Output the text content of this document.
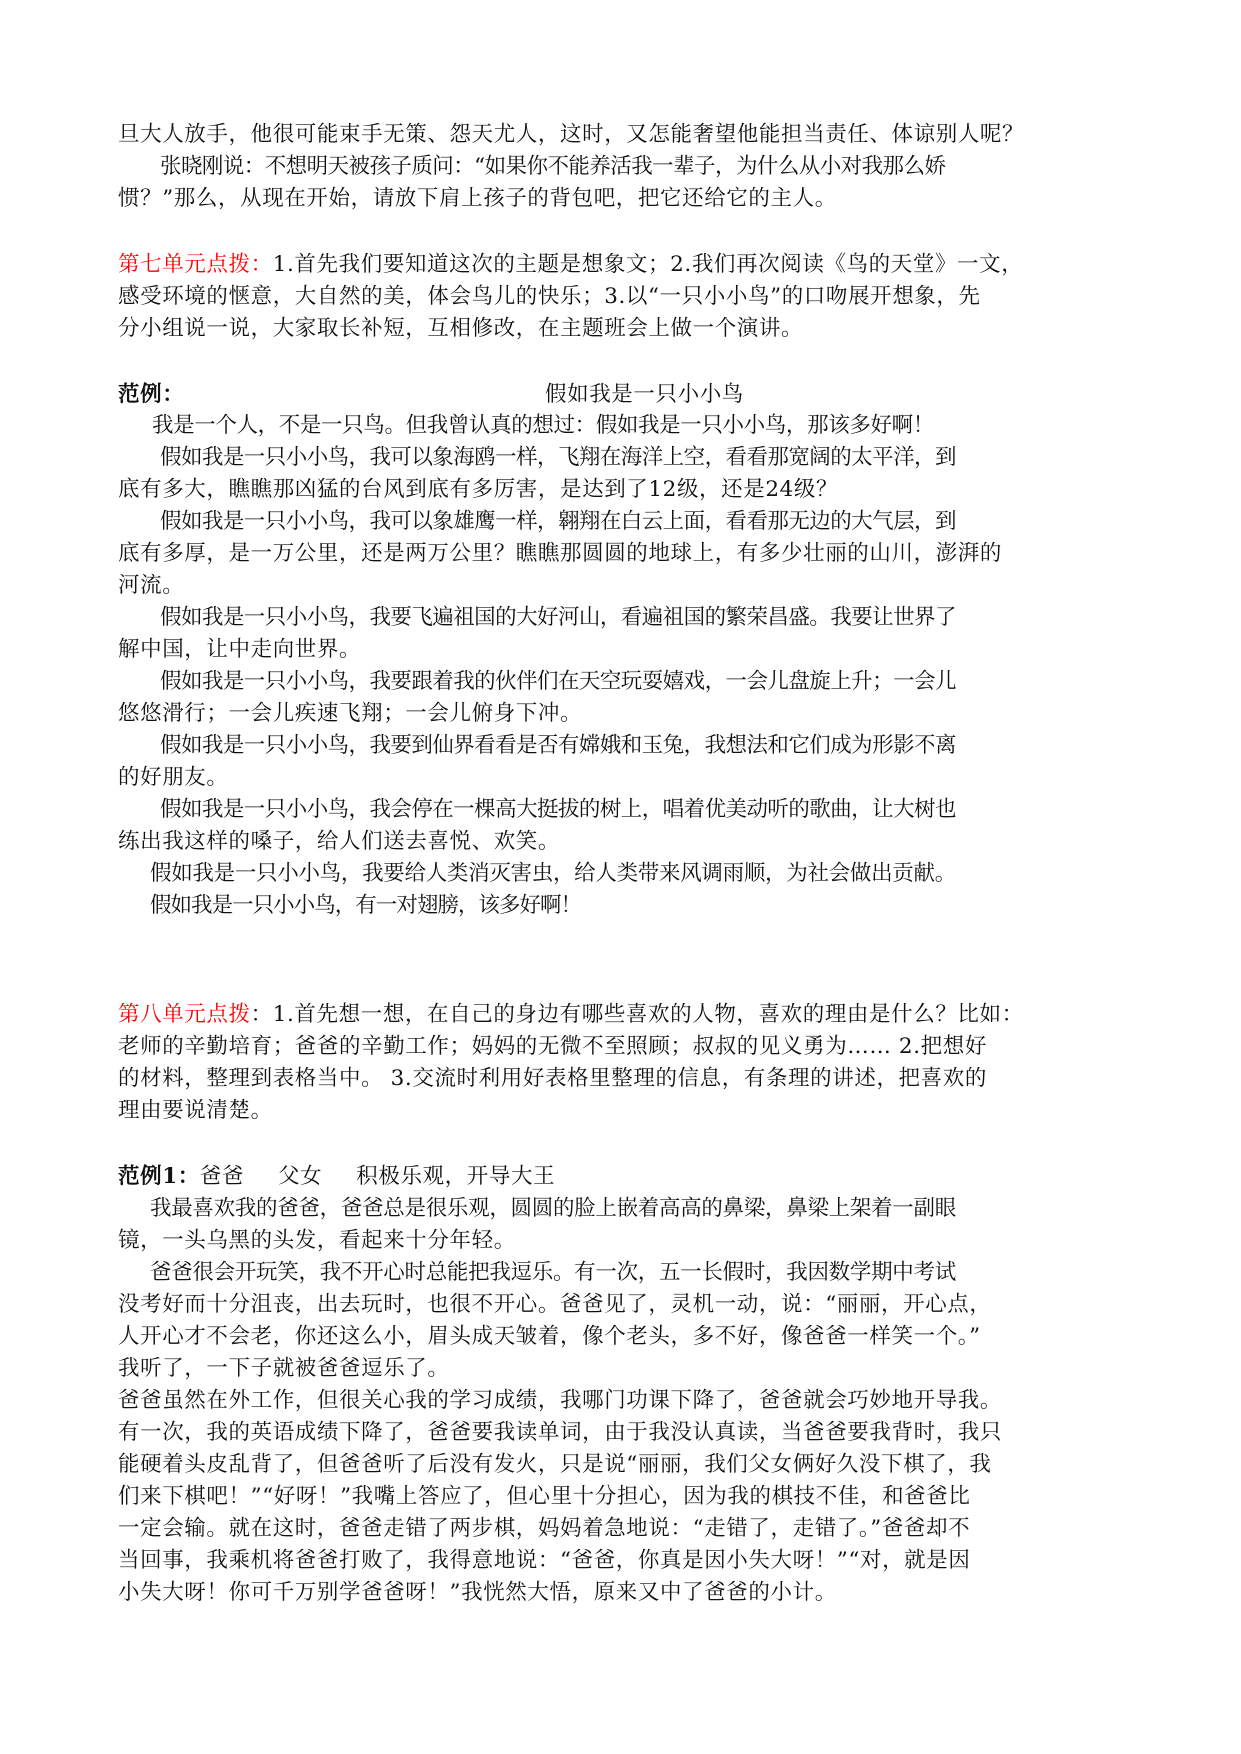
旦大人放手，他很可能束手无策、怨天尤人，这时，又怎能奢望他能担当责任、体谅别人呢？
张晓刚说：不想明天被孩子质问：“如果你不能养活我一辈子，为什么从小对我那么娇
惯？”那么，从现在开始，请放下肩上孩子的背包吧，把它还给它的主人。
第七单元点拨：1.首先我们要知道这次的主题是想象文；2.我们再次阅读《鸟的天堂》一文，
感受环境的惬意，大自然的美，体会鸟儿的快乐；3.以“一只小小鸟”的口吻展开想象，先
分小组说一说，大家取长补短，互相修改，在主题班会上做一个演讲。
范例：	假如我是一只小小鸟
我是一个人，不是一只鸟。但我曾认真的想过：假如我是一只小小鸟，那该多好啊！
假如我是一只小小鸟，我可以象海鸥一样，飞翔在海洋上空，看看那宽阔的太平洋，到
底有多大，瞧瞧那凶猛的台风到底有多厉害，是达到了12级，还是24级？
假如我是一只小小鸟，我可以象雄鹰一样，翱翔在白云上面，看看那无边的大气层，到
底有多厚，是一万公里，还是两万公里？瞧瞧那圆圆的地球上，有多少壮丽的山川，澎湃的
河流。
假如我是一只小小鸟，我要飞遍祖国的大好河山，看遍祖国的繁荣昌盛。我要让世界了
解中国，让中走向世界。
假如我是一只小小鸟，我要跟着我的伙伴们在天空玩耍嬉戏，一会儿盘旋上升；一会儿
悠悠滑行；一会儿疾速飞翔；一会儿俯身下冲。
假如我是一只小小鸟，我要到仙界看看是否有嫦娥和玉兔，我想法和它们成为形影不离
的好朋友。
假如我是一只小小鸟，我会停在一棵高大挺拔的树上，唱着优美动听的歌曲，让大树也
练出我这样的嗓子，给人们送去喜悦、欢笑。
假如我是一只小小鸟，我要给人类消灭害虫，给人类带来风调雨顺，为社会做出贡献。
假如我是一只小小鸟，有一对翅膀，该多好啊！
第八单元点拨：1.首先想一想，在自己的身边有哪些喜欢的人物，喜欢的理由是什么？比如：
老师的辛勤培育；爸爸的辛勤工作；妈妈的无微不至照顾；叔叔的见义勇为…… 2.把想好
的材料，整理到表格当中。 3.交流时利用好表格里整理的信息，有条理的讲述，把喜欢的
理由要说清楚。
范例1：爸爸 父女 积极乐观，开导大王
我最喜欢我的爸爸，爸爸总是很乐观，圆圆的脸上嵌着高高的鼻梁，鼻梁上架着一副眼
镜，一头乌黑的头发，看起来十分年轻。
爸爸很会开玩笑，我不开心时总能把我逗乐。有一次，五一长假时，我因数学期中考试
没考好而十分沮丧，出去玩时，也很不开心。爸爸见了，灵机一动，说：“丽丽，开心点，
人开心才不会老，你还这么小，眉头成天皱着，像个老头，多不好，像爸爸一样笑一个。”
我听了，一下子就被爸爸逗乐了。
爸爸虽然在外工作，但很关心我的学习成绩，我哪门功课下降了，爸爸就会巧妙地开导我。
有一次，我的英语成绩下降了，爸爸要我读单词，由于我没认真读，当爸爸要我背时，我只
能硬着头皮乱背了，但爸爸听了后没有发火，只是说“丽丽，我们父女俩好久没下棋了，我
们来下棋吧！”“好呀！”我嘴上答应了，但心里十分担心，因为我的棋技不佳，和爸爸比
一定会输。就在这时，爸爸走错了两步棋，妈妈着急地说：“走错了，走错了。”爸爸却不
当回事，我乘机将爸爸打败了，我得意地说：“爸爸，你真是因小失大呀！”“对，就是因
小失大呀！你可千万别学爸爸呀！”我恍然大悟，原来又中了爸爸的小计。
